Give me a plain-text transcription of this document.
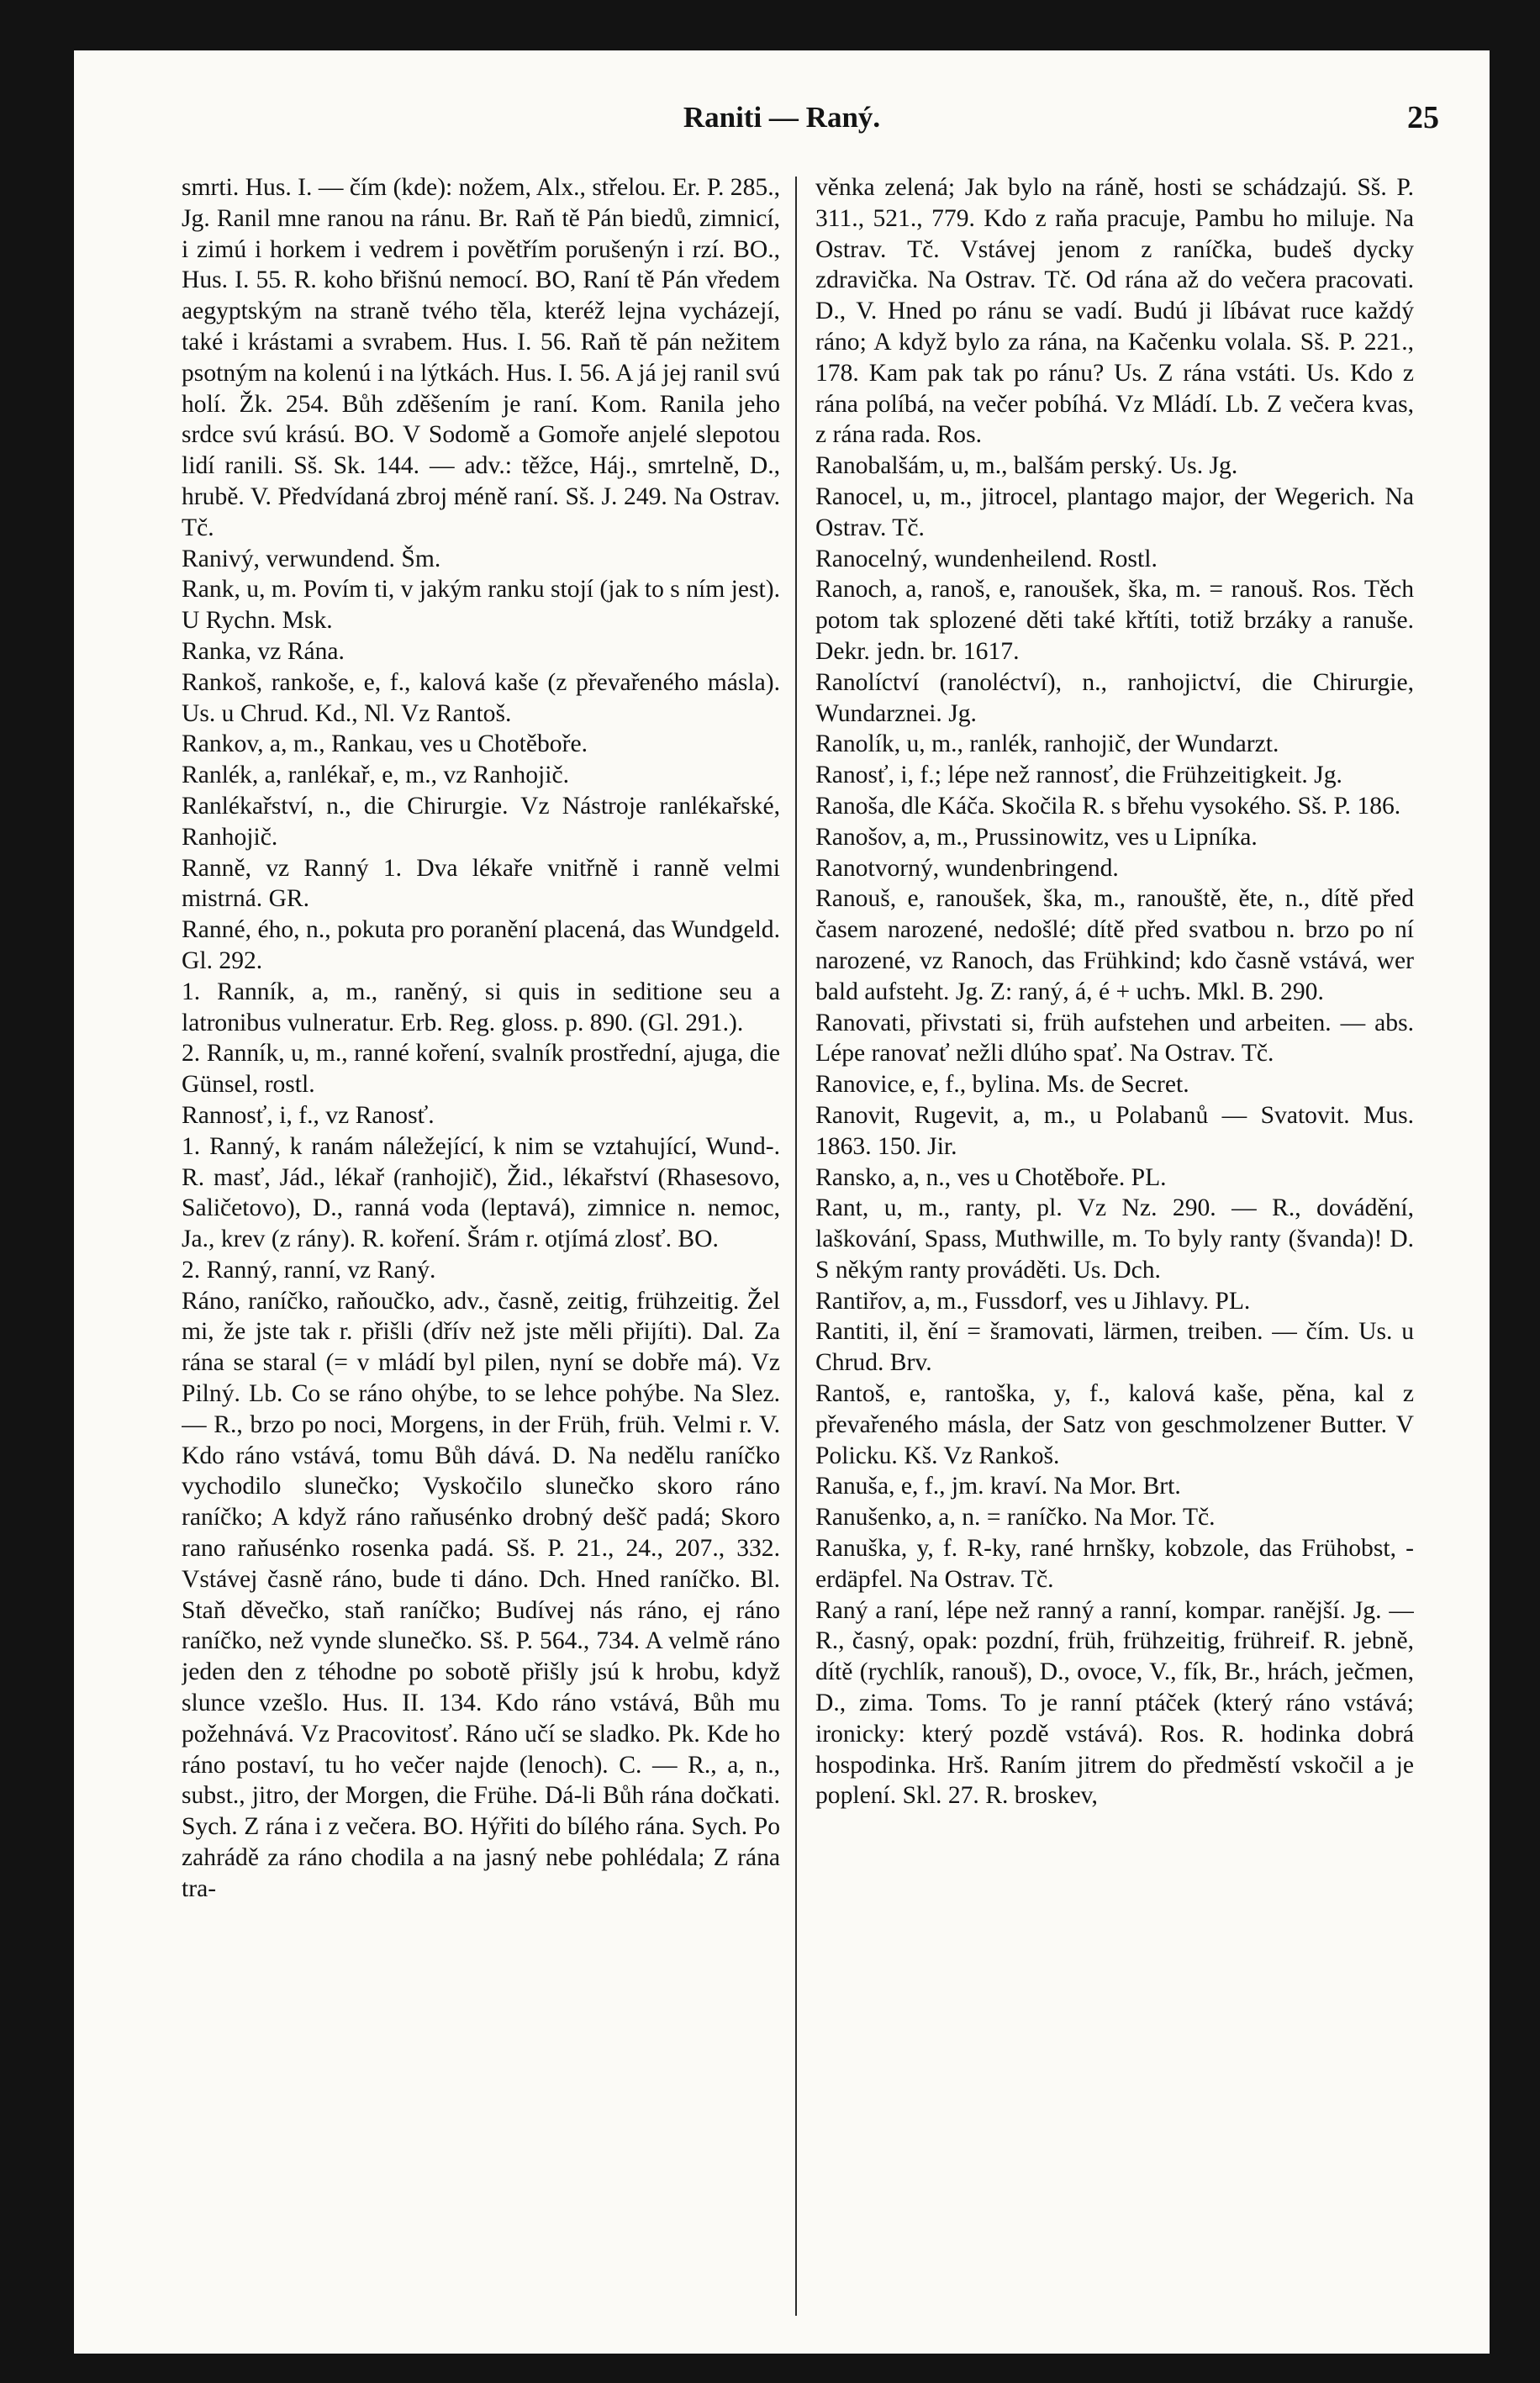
Raniti — Raný.	25

smrti. Hus. I. — čím (kde): nožem, Alx., střelou. Er. P. 285., Jg. Ranil mne ranou na ránu. Br. Raň tě Pán biedů, zimnicí, i zimú i horkem i vedrem i povětřím porušenýn i rzí. BO., Hus. I. 55. R. koho břišnú nemocí. BO, Raní tě Pán vředem aegyptským na straně tvého těla, kteréž lejna vycházejí, také i krástami a svrabem. Hus. I. 56. Raň tě pán nežitem psotným na kolenú i na lýtkách. Hus. I. 56. A já jej ranil svú holí. Žk. 254. Bůh zděšením je raní. Kom. Ranila jeho srdce svú krású. BO. V Sodomě a Gomoře anjelé slepotou lidí ranili. Sš. Sk. 144. — adv.: těžce, Háj., smrtelně, D., hrubě. V. Předvídaná zbroj méně raní. Sš. J. 249. Na Ostrav. Tč.

Ranivý, verwundend. Šm.

Rank, u, m. Povím ti, v jakým ranku stojí (jak to s ním jest). U Rychn. Msk.

Ranka, vz Rána.

Rankoš, rankoše, e, f., kalová kaše (z převařeného másla). Us. u Chrud. Kd., Nl. Vz Rantoš.

Rankov, a, m., Rankau, ves u Chotěboře.

Ranlék, a, ranlékař, e, m., vz Ranhojič.

Ranlékařství, n., die Chirurgie. Vz Nástroje ranlékařské, Ranhojič.

Ranně, vz Ranný 1. Dva lékaře vnitřně i ranně velmi mistrná. GR.

Ranné, ého, n., pokuta pro poranění placená, das Wundgeld. Gl. 292.

1. Ranník, a, m., raněný, si quis in seditione seu a latronibus vulneratur. Erb. Reg. gloss. p. 890. (Gl. 291.).

2. Ranník, u, m., ranné koření, svalník prostřední, ajuga, die Günsel, rostl.

Rannosť, i, f., vz Ranosť.

1. Ranný, k ranám náležející, k nim se vztahující, Wund-. R. masť, Jád., lékař (ranhojič), Žid., lékařství (Rhasesovo, Saličetovo), D., ranná voda (leptavá), zimnice n. nemoc, Ja., krev (z rány). R. koření. Šrám r. otjímá zlosť. BO.

2. Ranný, ranní, vz Raný.

Ráno, raníčko, raňoučko, adv., časně, zeitig, frühzeitig. Žel mi, že jste tak r. přišli (dřív než jste měli přijíti). Dal. Za rána se staral (= v mládí byl pilen, nyní se dobře má). Vz Pilný. Lb. Co se ráno ohýbe, to se lehce pohýbe. Na Slez. — R., brzo po noci, Morgens, in der Früh, früh. Velmi r. V. Kdo ráno vstává, tomu Bůh dává. D. Na nedělu raníčko vychodilo slunečko; Vyskočilo slunečko skoro ráno raníčko; A když ráno raňusénko drobný dešč padá; Skoro rano raňusénko rosenka padá. Sš. P. 21., 24., 207., 332. Vstávej časně ráno, bude ti dáno. Dch. Hned raníčko. Bl. Staň děvečko, staň raníčko; Budívej nás ráno, ej ráno raníčko, než vynde slunečko. Sš. P. 564., 734. A velmě ráno jeden den z téhodne po sobotě přišly jsú k hrobu, když slunce vzešlo. Hus. II. 134. Kdo ráno vstává, Bůh mu požehnává. Vz Pracovitosť. Ráno učí se sladko. Pk. Kde ho ráno postaví, tu ho večer najde (lenoch). C. — R., a, n., subst., jitro, der Morgen, die Frühe. Dá-li Bůh rána dočkati. Sych. Z rána i z večera. BO. Hýřiti do bílého rána. Sych. Po zahrádě za ráno chodila a na jasný nebe pohlédala; Z rána tra-

věnka zelená; Jak bylo na ráně, hosti se schádzajú. Sš. P. 311., 521., 779. Kdo z raňa pracuje, Pambu ho miluje. Na Ostrav. Tč. Vstávej jenom z raníčka, budeš dycky zdravička. Na Ostrav. Tč. Od rána až do večera pracovati. D., V. Hned po ránu se vadí. Budú ji líbávat ruce každý ráno; A když bylo za rána, na Kačenku volala. Sš. P. 221., 178. Kam pak tak po ránu? Us. Z rána vstáti. Us. Kdo z rána políbá, na večer pobíhá. Vz Mládí. Lb. Z večera kvas, z rána rada. Ros.

Ranobalšám, u, m., balšám perský. Us. Jg.

Ranocel, u, m., jitrocel, plantago major, der Wegerich. Na Ostrav. Tč.

Ranocelný, wundenheilend. Rostl.

Ranoch, a, ranoš, e, ranoušek, ška, m. = ranouš. Ros. Těch potom tak splozené děti také křtíti, totiž brzáky a ranuše. Dekr. jedn. br. 1617.

Ranolíctví (ranoléctví), n., ranhojictví, die Chirurgie, Wundarznei. Jg.

Ranolík, u, m., ranlék, ranhojič, der Wundarzt.

Ranosť, i, f.; lépe než rannosť, die Frühzeitigkeit. Jg.

Ranoša, dle Káča. Skočila R. s břehu vysokého. Sš. P. 186.

Ranošov, a, m., Prussinowitz, ves u Lipníka.

Ranotvorný, wundenbringend.

Ranouš, e, ranoušek, ška, m., ranouště, ěte, n., dítě před časem narozené, nedošlé; dítě před svatbou n. brzo po ní narozené, vz Ranoch, das Frühkind; kdo časně vstává, wer bald aufsteht. Jg. Z: raný, á, é + uchъ. Mkl. B. 290.

Ranovati, přivstati si, früh aufstehen und arbeiten. — abs. Lépe ranovať nežli dlúho spať. Na Ostrav. Tč.

Ranovice, e, f., bylina. Ms. de Secret.

Ranovit, Rugevit, a, m., u Polabanů — Svatovit. Mus. 1863. 150. Jir.

Ransko, a, n., ves u Chotěboře. PL.

Rant, u, m., ranty, pl. Vz Nz. 290. — R., dovádění, laškování, Spass, Muthwille, m. To byly ranty (švanda)! D. S někým ranty prováděti. Us. Dch.

Rantiřov, a, m., Fussdorf, ves u Jihlavy. PL.

Rantiti, il, ění = šramovati, lärmen, treiben. — čím. Us. u Chrud. Brv.

Rantoš, e, rantoška, y, f., kalová kaše, pěna, kal z převařeného másla, der Satz von geschmolzener Butter. V Policku. Kš. Vz Rankoš.

Ranuša, e, f., jm. kraví. Na Mor. Brt.

Ranušenko, a, n. = raníčko. Na Mor. Tč.

Ranuška, y, f. R-ky, rané hrnšky, kobzole, das Frühobst, -erdäpfel. Na Ostrav. Tč.

Raný a raní, lépe než ranný a ranní, kompar. ranější. Jg. — R., časný, opak: pozdní, früh, frühzeitig, frühreif. R. jebně, dítě (rychlík, ranouš), D., ovoce, V., fík, Br., hrách, ječmen, D., zima. Toms. To je ranní ptáček (který ráno vstává; ironicky: který pozdě vstává). Ros. R. hodinka dobrá hospodinka. Hrš. Raním jitrem do předměstí vskočil a je poplení. Skl. 27. R. broskev,
